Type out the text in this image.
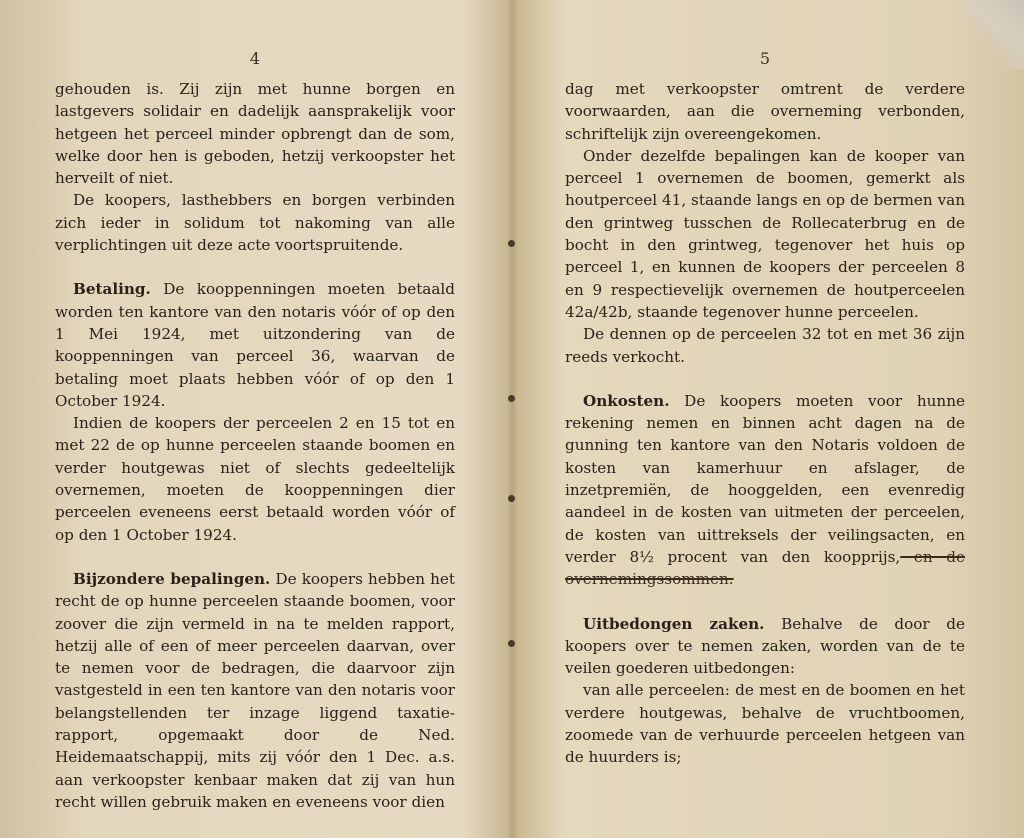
4

gehouden is. Zij zijn met hunne borgen en lastgevers solidair en dadelijk aansprakelijk voor hetgeen het perceel minder opbrengt dan de som, welke door hen is geboden, hetzij verkoopster het herveilt of niet.

De koopers, lasthebbers en borgen verbinden zich ieder in solidum tot nakoming van alle verplichtingen uit deze acte voortspruitende.

Betaling. De kooppenningen moeten betaald worden ten kantore van den notaris vóór of op den 1 Mei 1924, met uitzondering van de kooppenningen van perceel 36, waarvan de betaling moet plaats hebben vóór of op den 1 October 1924.

Indien de koopers der perceelen 2 en 15 tot en met 22 de op hunne perceelen staande boomen en verder houtgewas niet of slechts gedeeltelijk overnemen, moeten de kooppenningen dier perceelen eveneens eerst betaald worden vóór of op den 1 October 1924.

Bijzondere bepalingen. De koopers hebben het recht de op hunne perceelen staande boomen, voor zoover die zijn vermeld in na te melden rapport, hetzij alle of een of meer perceelen daarvan, over te nemen voor de bedragen, die daarvoor zijn vastgesteld in een ten kantore van den notaris voor belangstellenden ter inzage liggend taxatie-rapport, opgemaakt door de Ned. Heidemaatschappij, mits zij vóór den 1 Dec. a.s. aan verkoopster kenbaar maken dat zij van hun recht willen gebruik maken en eveneens voor dien

5

dag met verkoopster omtrent de verdere voorwaarden, aan die overneming verbonden, schriftelijk zijn overeengekomen.

Onder dezelfde bepalingen kan de kooper van perceel 1 overnemen de boomen, gemerkt als houtperceel 41, staande langs en op de bermen van den grintweg tusschen de Rollecaterbrug en de bocht in den grintweg, tegenover het huis op perceel 1, en kunnen de koopers der perceelen 8 en 9 respectievelijk overnemen de houtperceelen 42a/42b, staande tegenover hunne perceelen.

De dennen op de perceelen 32 tot en met 36 zijn reeds verkocht.

Onkosten. De koopers moeten voor hunne rekening nemen en binnen acht dagen na de gunning ten kantore van den Notaris voldoen de kosten van kamerhuur en afslager, de inzetpremiën, de hooggelden, een evenredig aandeel in de kosten van uitmeten der perceelen, de kosten van uittreksels der veilingsacten, en verder 8½ procent van den koopprijs, en de overnemingssommen.

Uitbedongen zaken. Behalve de door de koopers over te nemen zaken, worden van de te veilen goederen uitbedongen:

van alle perceelen: de mest en de boomen en het verdere houtgewas, behalve de vruchtboomen, zoomede van de verhuurde perceelen hetgeen van de huurders is;
